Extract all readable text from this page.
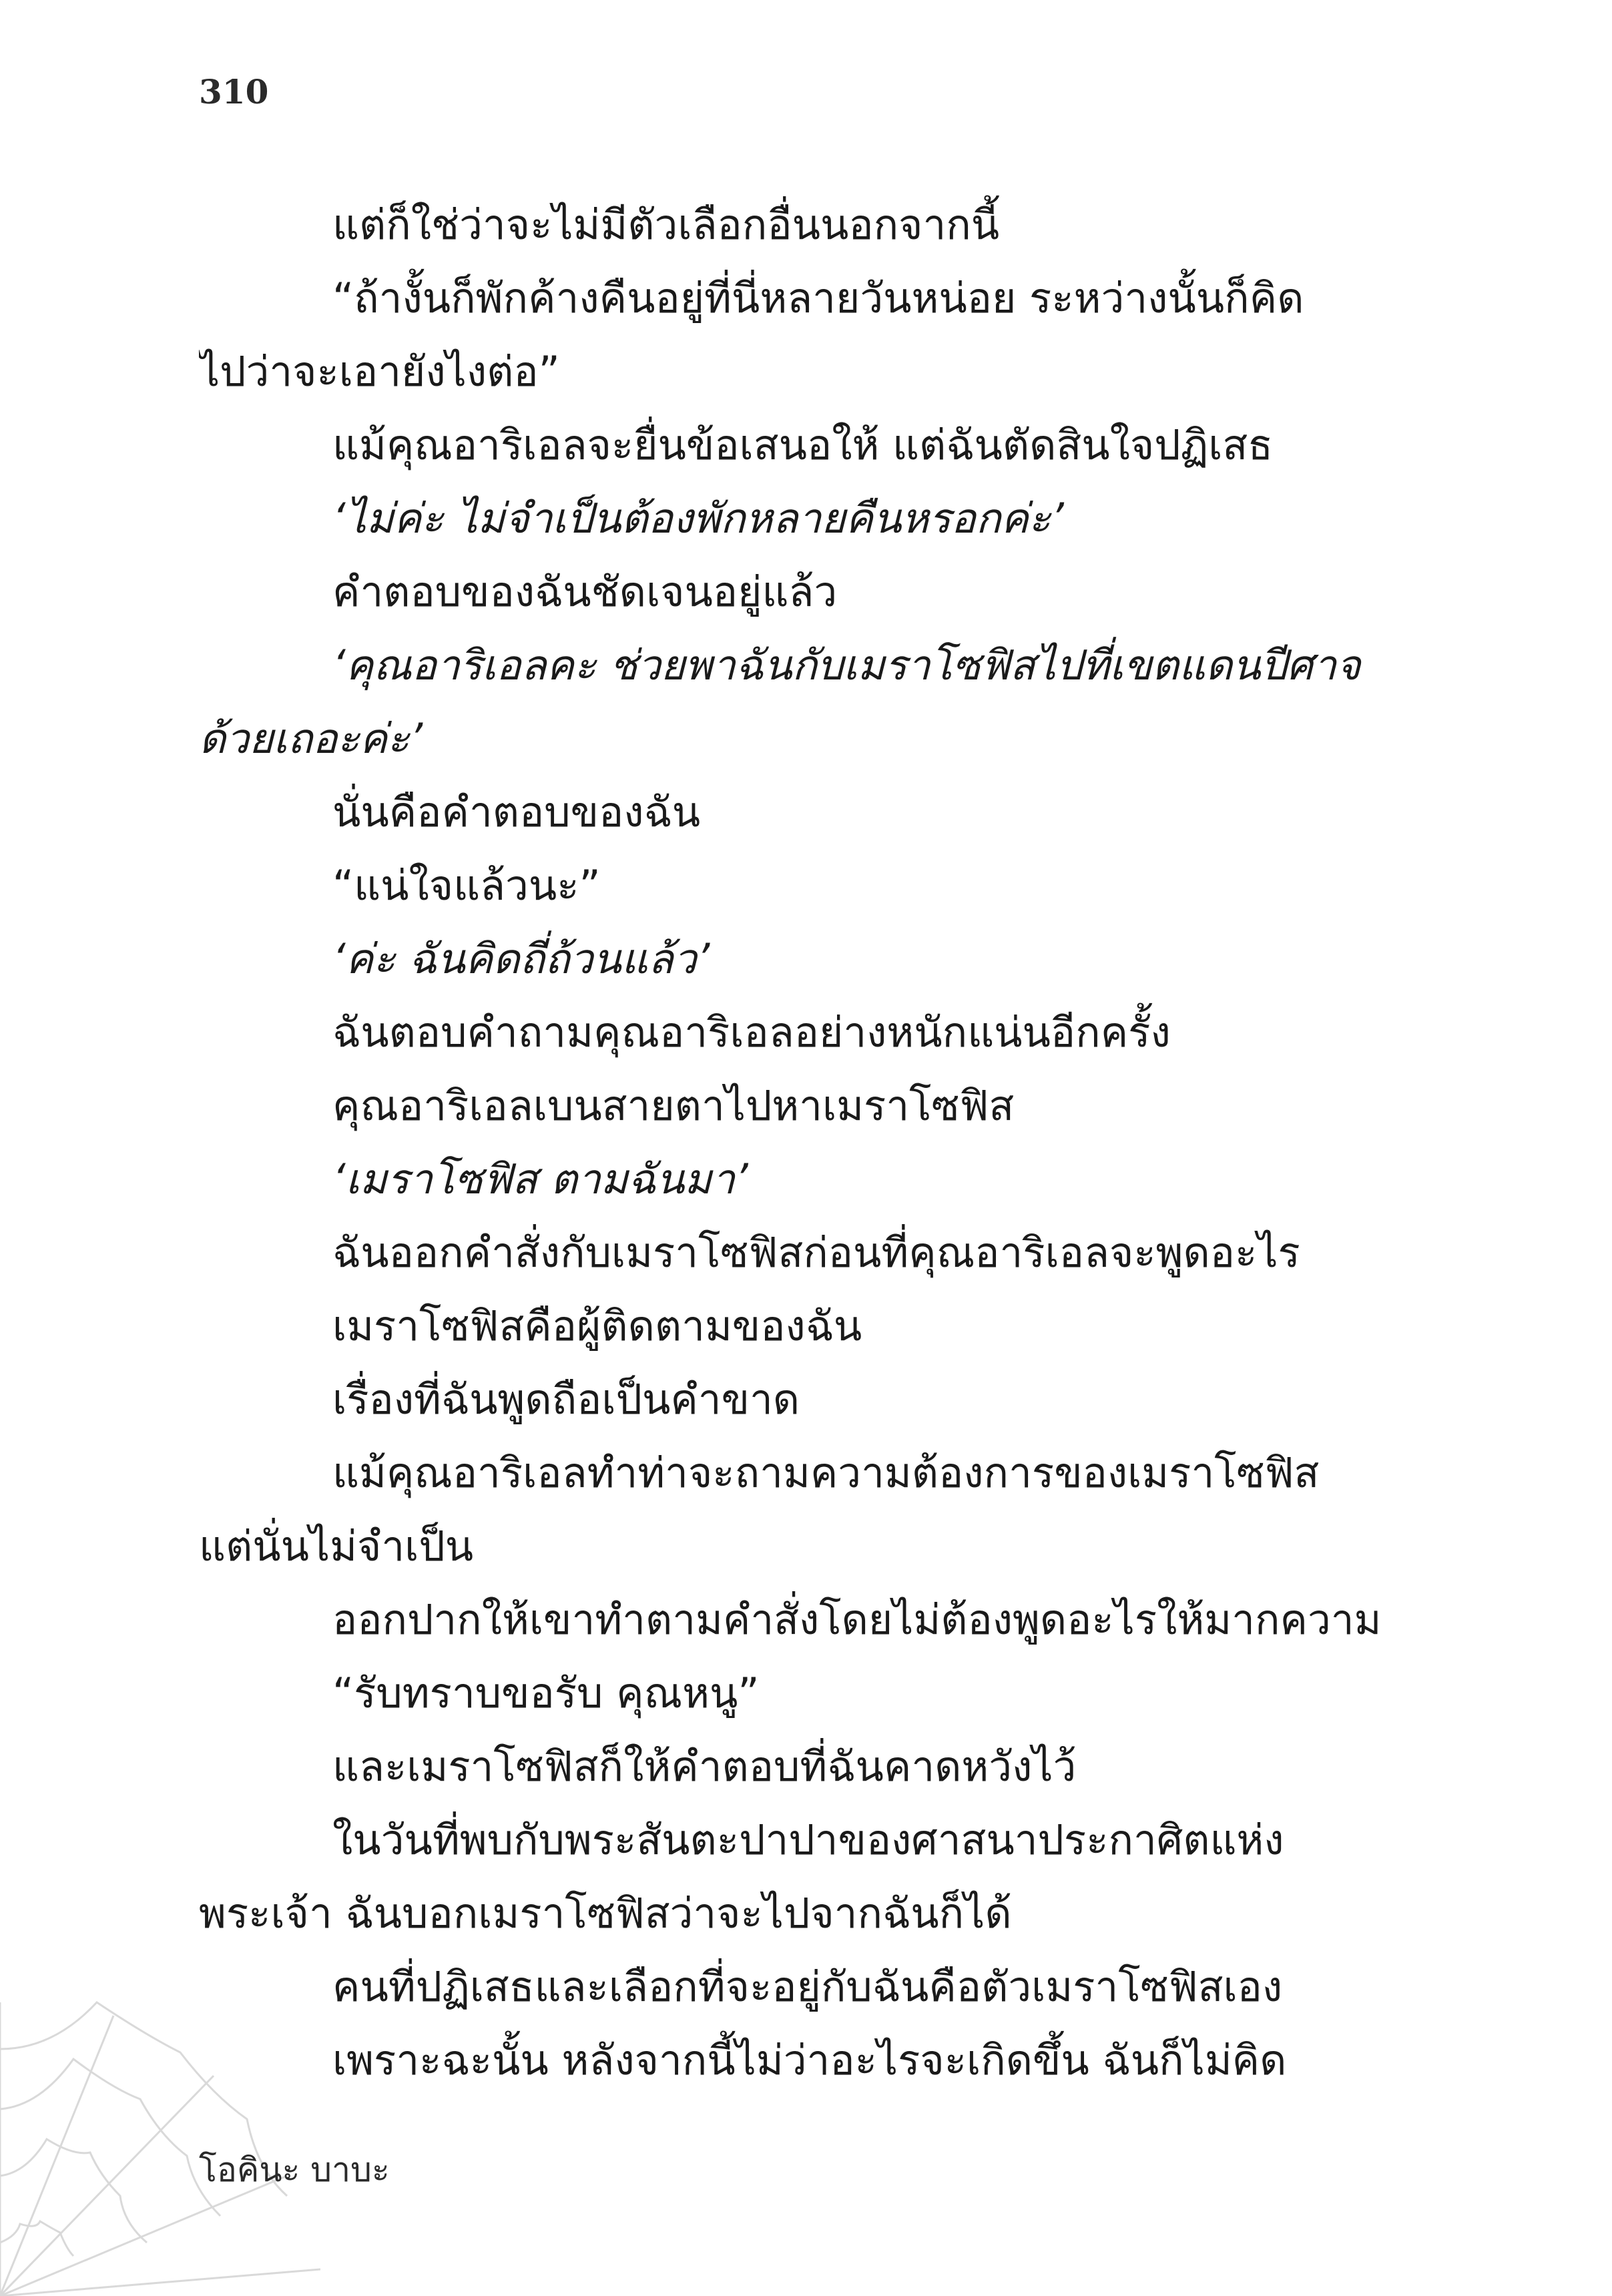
310
แต่ก็ใช่ว่าจะไม่มีตัวเลือกอื่นนอกจากนี้
“ถ้างั้นก็พักค้างคืนอยู่ที่นี่หลายวันหน่อย ระหว่างนั้นก็คิด
ไปว่าจะเอายังไงต่อ”
แม้คุณอาริเอลจะยื่นข้อเสนอให้ แต่ฉันตัดสินใจปฏิเสธ
‘ไม่ค่ะ ไม่จำเป็นต้องพักหลายคืนหรอกค่ะ’
คำตอบของฉันชัดเจนอยู่แล้ว
‘คุณอาริเอลคะ ช่วยพาฉันกับเมราโซฟิสไปที่เขตแดนปีศาจ
ด้วยเถอะค่ะ’
นั่นคือคำตอบของฉัน
“แน่ใจแล้วนะ”
‘ค่ะ ฉันคิดถี่ถ้วนแล้ว’
ฉันตอบคำถามคุณอาริเอลอย่างหนักแน่นอีกครั้ง
คุณอาริเอลเบนสายตาไปหาเมราโซฟิส
‘เมราโซฟิส ตามฉันมา’
ฉันออกคำสั่งกับเมราโซฟิสก่อนที่คุณอาริเอลจะพูดอะไร
เมราโซฟิสคือผู้ติดตามของฉัน
เรื่องที่ฉันพูดถือเป็นคำขาด
แม้คุณอาริเอลทำท่าจะถามความต้องการของเมราโซฟิส
แต่นั่นไม่จำเป็น
ออกปากให้เขาทำตามคำสั่งโดยไม่ต้องพูดอะไรให้มากความ
“รับทราบขอรับ คุณหนู”
และเมราโซฟิสก็ให้คำตอบที่ฉันคาดหวังไว้
ในวันที่พบกับพระสันตะปาปาของศาสนาประกาศิตแห่ง
พระเจ้า ฉันบอกเมราโซฟิสว่าจะไปจากฉันก็ได้
คนที่ปฏิเสธและเลือกที่จะอยู่กับฉันคือตัวเมราโซฟิสเอง
เพราะฉะนั้น หลังจากนี้ไม่ว่าอะไรจะเกิดขึ้น ฉันก็ไม่คิด
โอคินะ บาบะ
